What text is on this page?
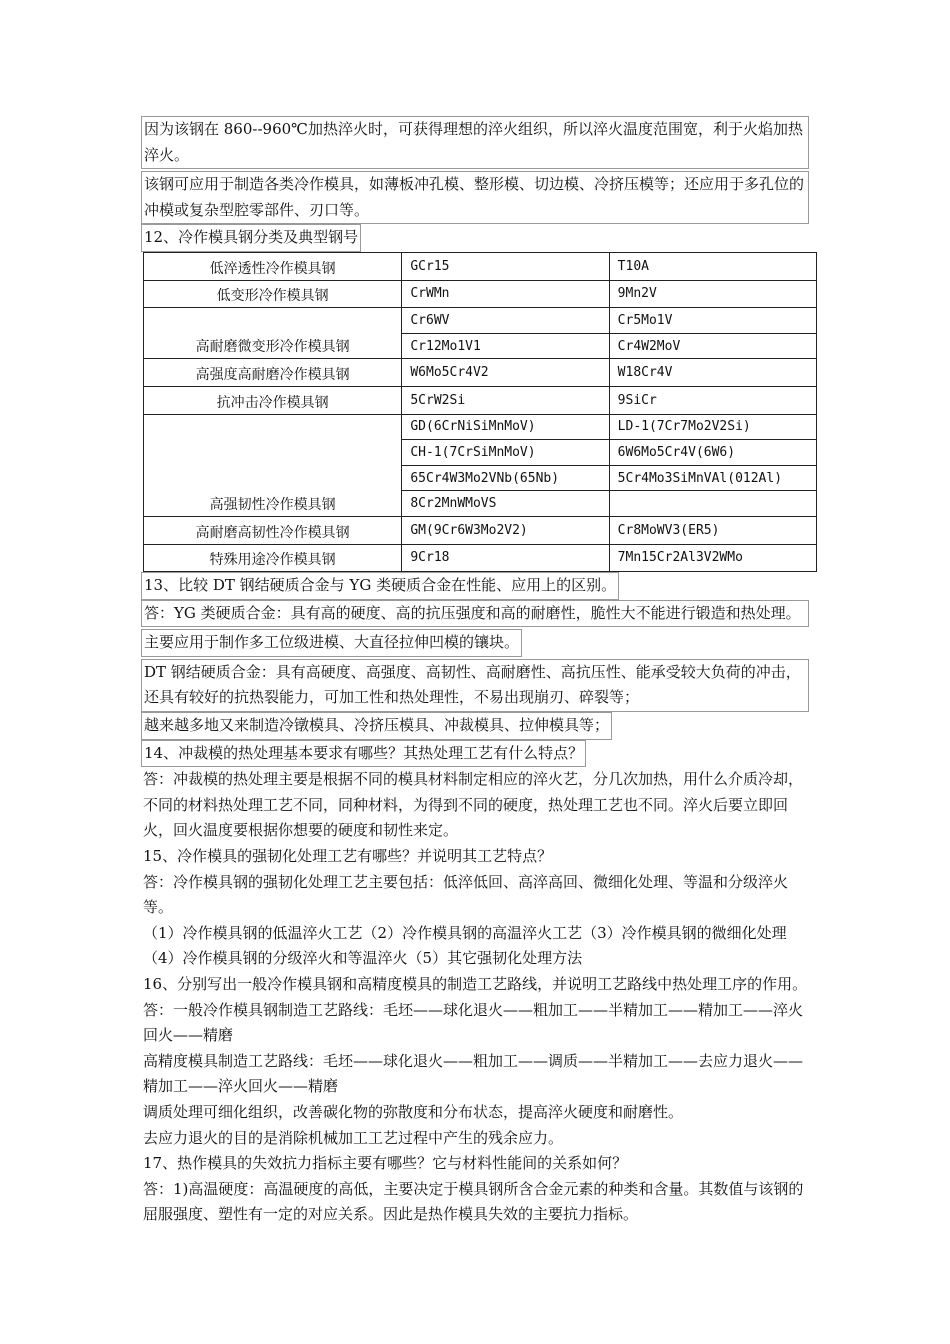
因为该钢在 860--960℃加热淬火时，可获得理想的淬火组织，所以淬火温度范围宽，利于火焰加热淬火。
该钢可应用于制造各类冷作模具，如薄板冲孔模、整形模、切边模、冷挤压模等；还应用于多孔位的冲模或复杂型腔零部件、刃口等。
12、冷作模具钢分类及典型钢号
低淬透性冷作模具钢	GCr15	T10A
低变形冷作模具钢	CrWMn	9Mn2V
高耐磨微变形冷作模具钢	Cr6WV	Cr5Mo1V
	Cr12Mo1V1	Cr4W2MoV
高强度高耐磨冷作模具钢	W6Mo5Cr4V2	W18Cr4V
抗冲击冷作模具钢	5CrW2Si	9SiCr
高强韧性冷作模具钢	GD(6CrNiSiMnMoV)	LD-1(7Cr7Mo2V2Si)
	CH-1(7CrSiMnMoV)	6W6Mo5Cr4V(6W6)
	65Cr4W3Mo2VNb(65Nb)	5Cr4Mo3SiMnVAl(012Al)
	8Cr2MnWMoVS	
高耐磨高韧性冷作模具钢	GM(9Cr6W3Mo2V2)	Cr8MoWV3(ER5)
特殊用途冷作模具钢	9Cr18	7Mn15Cr2Al3V2WMo
13、比较 DT 钢结硬质合金与 YG 类硬质合金在性能、应用上的区别。
答：YG 类硬质合金：具有高的硬度、高的抗压强度和高的耐磨性，脆性大不能进行锻造和热处理。
主要应用于制作多工位级进模、大直径拉伸凹模的镶块。
DT 钢结硬质合金：具有高硬度、高强度、高韧性、高耐磨性、高抗压性、能承受较大负荷的冲击，还具有较好的抗热裂能力，可加工性和热处理性，不易出现崩刃、碎裂等；
越来越多地又来制造冷镦模具、冷挤压模具、冲裁模具、拉伸模具等；
14、冲裁模的热处理基本要求有哪些？其热处理工艺有什么特点？
答：冲裁模的热处理主要是根据不同的模具材料制定相应的淬火艺，分几次加热，用什么介质冷却，不同的材料热处理工艺不同，同种材料，为得到不同的硬度，热处理工艺也不同。淬火后要立即回火，回火温度要根据你想要的硬度和韧性来定。
15、冷作模具的强韧化处理工艺有哪些？并说明其工艺特点？
答：冷作模具钢的强韧化处理工艺主要包括：低淬低回、高淬高回、微细化处理、等温和分级淬火等。
（1）冷作模具钢的低温淬火工艺（2）冷作模具钢的高温淬火工艺（3）冷作模具钢的微细化处理（4）冷作模具钢的分级淬火和等温淬火（5）其它强韧化处理方法
16、分别写出一般冷作模具钢和高精度模具的制造工艺路线，并说明工艺路线中热处理工序的作用。
答：一般冷作模具钢制造工艺路线：毛坯——球化退火——粗加工——半精加工——精加工——淬火回火——精磨
高精度模具制造工艺路线：毛坯——球化退火——粗加工——调质——半精加工——去应力退火——精加工——淬火回火——精磨
调质处理可细化组织，改善碳化物的弥散度和分布状态，提高淬火硬度和耐磨性。
去应力退火的目的是消除机械加工工艺过程中产生的残余应力。
17、热作模具的失效抗力指标主要有哪些？它与材料性能间的关系如何？
答：1)高温硬度：高温硬度的高低，主要决定于模具钢所含合金元素的种类和含量。其数值与该钢的屈服强度、塑性有一定的对应关系。因此是热作模具失效的主要抗力指标。
